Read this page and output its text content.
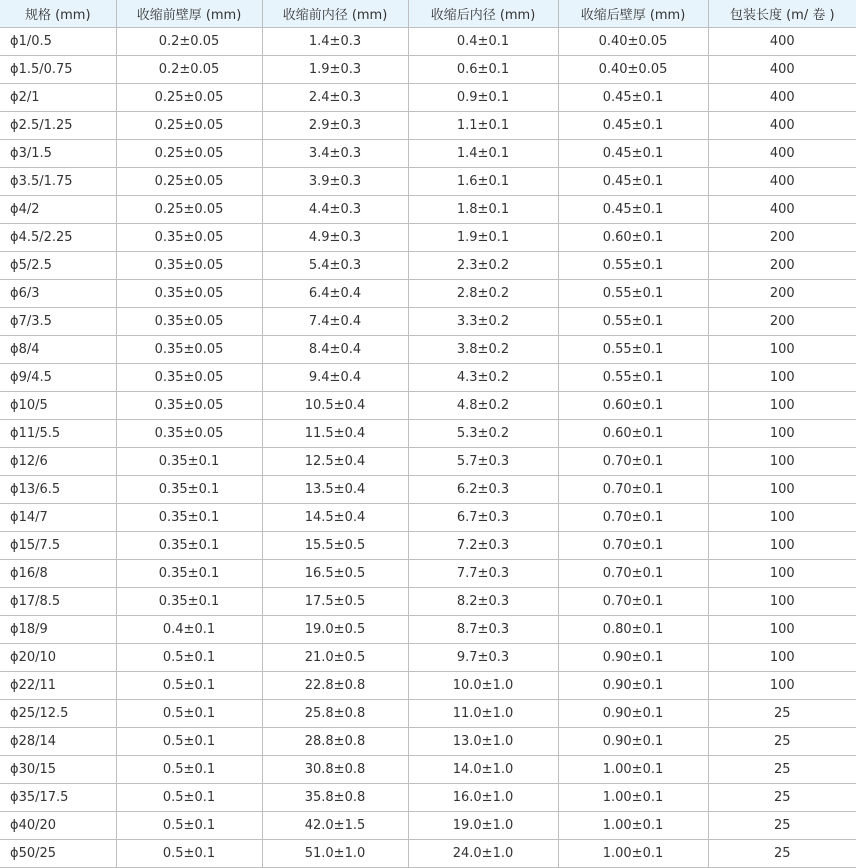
规格 (mm)	收缩前壁厚 (mm)	收缩前内径 (mm)	收缩后内径 (mm)	收缩后壁厚 (mm)	包装长度 (m/ 卷 )
ϕ1/0.5	0.2±0.05	1.4±0.3	0.4±0.1	0.40±0.05	400
ϕ1.5/0.75	0.2±0.05	1.9±0.3	0.6±0.1	0.40±0.05	400
ϕ2/1	0.25±0.05	2.4±0.3	0.9±0.1	0.45±0.1	400
ϕ2.5/1.25	0.25±0.05	2.9±0.3	1.1±0.1	0.45±0.1	400
ϕ3/1.5	0.25±0.05	3.4±0.3	1.4±0.1	0.45±0.1	400
ϕ3.5/1.75	0.25±0.05	3.9±0.3	1.6±0.1	0.45±0.1	400
ϕ4/2	0.25±0.05	4.4±0.3	1.8±0.1	0.45±0.1	400
ϕ4.5/2.25	0.35±0.05	4.9±0.3	1.9±0.1	0.60±0.1	200
ϕ5/2.5	0.35±0.05	5.4±0.3	2.3±0.2	0.55±0.1	200
ϕ6/3	0.35±0.05	6.4±0.4	2.8±0.2	0.55±0.1	200
ϕ7/3.5	0.35±0.05	7.4±0.4	3.3±0.2	0.55±0.1	200
ϕ8/4	0.35±0.05	8.4±0.4	3.8±0.2	0.55±0.1	100
ϕ9/4.5	0.35±0.05	9.4±0.4	4.3±0.2	0.55±0.1	100
ϕ10/5	0.35±0.05	10.5±0.4	4.8±0.2	0.60±0.1	100
ϕ11/5.5	0.35±0.05	11.5±0.4	5.3±0.2	0.60±0.1	100
ϕ12/6	0.35±0.1	12.5±0.4	5.7±0.3	0.70±0.1	100
ϕ13/6.5	0.35±0.1	13.5±0.4	6.2±0.3	0.70±0.1	100
ϕ14/7	0.35±0.1	14.5±0.4	6.7±0.3	0.70±0.1	100
ϕ15/7.5	0.35±0.1	15.5±0.5	7.2±0.3	0.70±0.1	100
ϕ16/8	0.35±0.1	16.5±0.5	7.7±0.3	0.70±0.1	100
ϕ17/8.5	0.35±0.1	17.5±0.5	8.2±0.3	0.70±0.1	100
ϕ18/9	0.4±0.1	19.0±0.5	8.7±0.3	0.80±0.1	100
ϕ20/10	0.5±0.1	21.0±0.5	9.7±0.3	0.90±0.1	100
ϕ22/11	0.5±0.1	22.8±0.8	10.0±1.0	0.90±0.1	100
ϕ25/12.5	0.5±0.1	25.8±0.8	11.0±1.0	0.90±0.1	25
ϕ28/14	0.5±0.1	28.8±0.8	13.0±1.0	0.90±0.1	25
ϕ30/15	0.5±0.1	30.8±0.8	14.0±1.0	1.00±0.1	25
ϕ35/17.5	0.5±0.1	35.8±0.8	16.0±1.0	1.00±0.1	25
ϕ40/20	0.5±0.1	42.0±1.5	19.0±1.0	1.00±0.1	25
ϕ50/25	0.5±0.1	51.0±1.0	24.0±1.0	1.00±0.1	25
